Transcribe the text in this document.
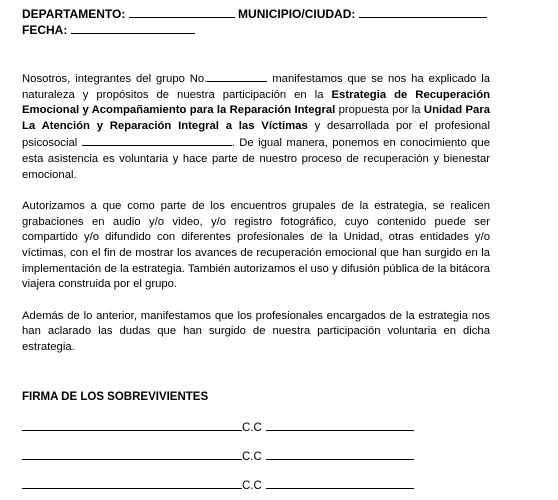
DEPARTAMENTO:	MUNICIPIO/CIUDAD:

FECHA:

Nosotros, integrantes del grupo No.	manifestamos que se nos ha explicado la naturaleza y propósitos de nuestra participación en la Estrategia de Recuperación Emocional y Acompañamiento para la Reparación Integral propuesta por la Unidad Para La Atención y Reparación Integral a las Víctimas y desarrollada por el profesional psicosocial	. De igual manera, ponemos en conocimiento que esta asistencia es voluntaria y hace parte de nuestro proceso de recuperación y bienestar emocional.

Autorizamos a que como parte de los encuentros grupales de la estrategia, se realicen grabaciones en audio y/o video, y/o registro fotográfico, cuyo contenido puede ser compartido y/o difundido con diferentes profesionales de la Unidad, otras entidades y/o víctimas, con el fin de mostrar los avances de recuperación emocional que han surgido en la implementación de la estrategia. También autorizamos el uso y difusión pública de la bitácora viajera construida por el grupo.

Además de lo anterior, manifestamos que los profesionales encargados de la estrategia nos han aclarado las dudas que han surgido de nuestra participación voluntaria en dicha estrategia.

FIRMA DE LOS SOBREVIVIENTES

C.C
C.C
C.C
